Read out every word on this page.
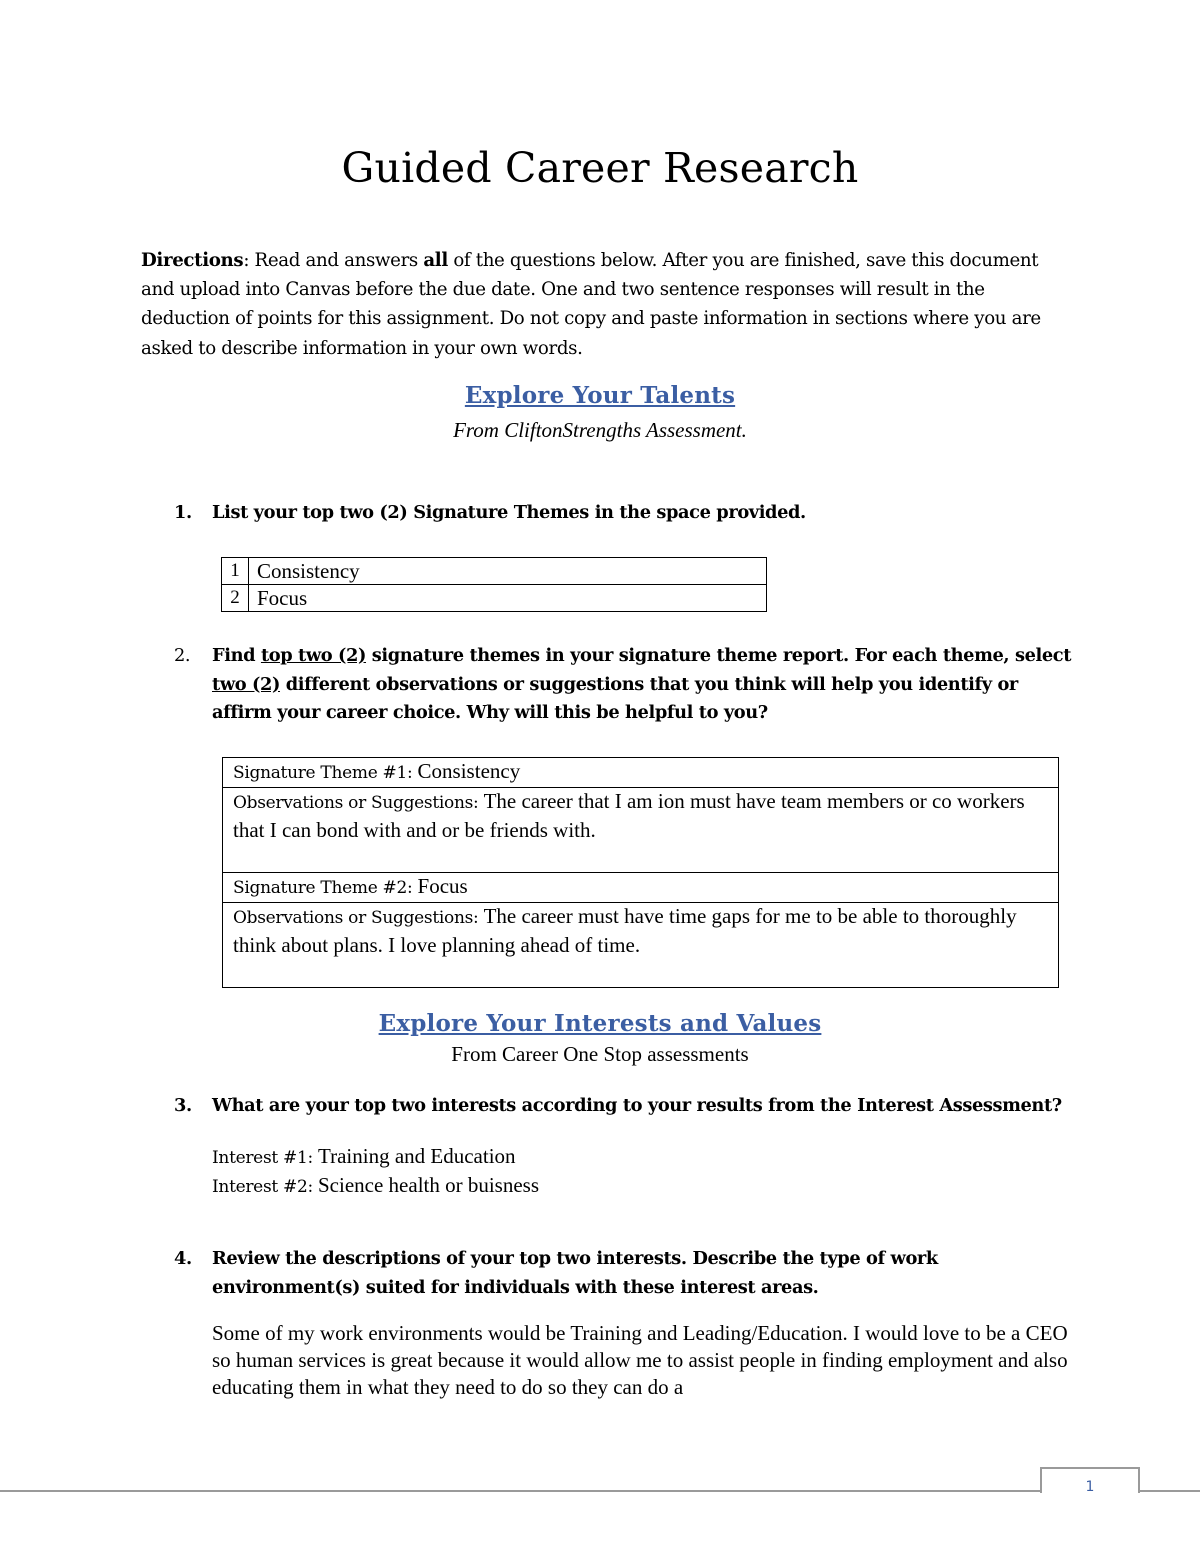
Guided Career Research
Directions: Read and answers all of the questions below. After you are finished, save this document and upload into Canvas before the due date. One and two sentence responses will result in the deduction of points for this assignment. Do not copy and paste information in sections where you are asked to describe information in your own words.
Explore Your Talents
From CliftonStrengths Assessment.
1. List your top two (2) Signature Themes in the space provided.
1	Consistency
2	Focus
2. Find top two (2) signature themes in your signature theme report. For each theme, select two (2) different observations or suggestions that you think will help you identify or affirm your career choice. Why will this be helpful to you?
Signature Theme #1: Consistency
Observations or Suggestions: The career that I am ion must have team members or co workers that I can bond with and or be friends with.
Signature Theme #2: Focus
Observations or Suggestions: The career must have time gaps for me to be able to thoroughly think about plans. I love planning ahead of time.
Explore Your Interests and Values
From Career One Stop assessments
3. What are your top two interests according to your results from the Interest Assessment?
Interest #1: Training and Education
Interest #2: Science health or buisness
4. Review the descriptions of your top two interests. Describe the type of work environment(s) suited for individuals with these interest areas.
Some of my work environments would be Training and Leading/Education. I would love to be a CEO so human services is great because it would allow me to assist people in finding employment and also educating them in what they need to do so they can do a
1
